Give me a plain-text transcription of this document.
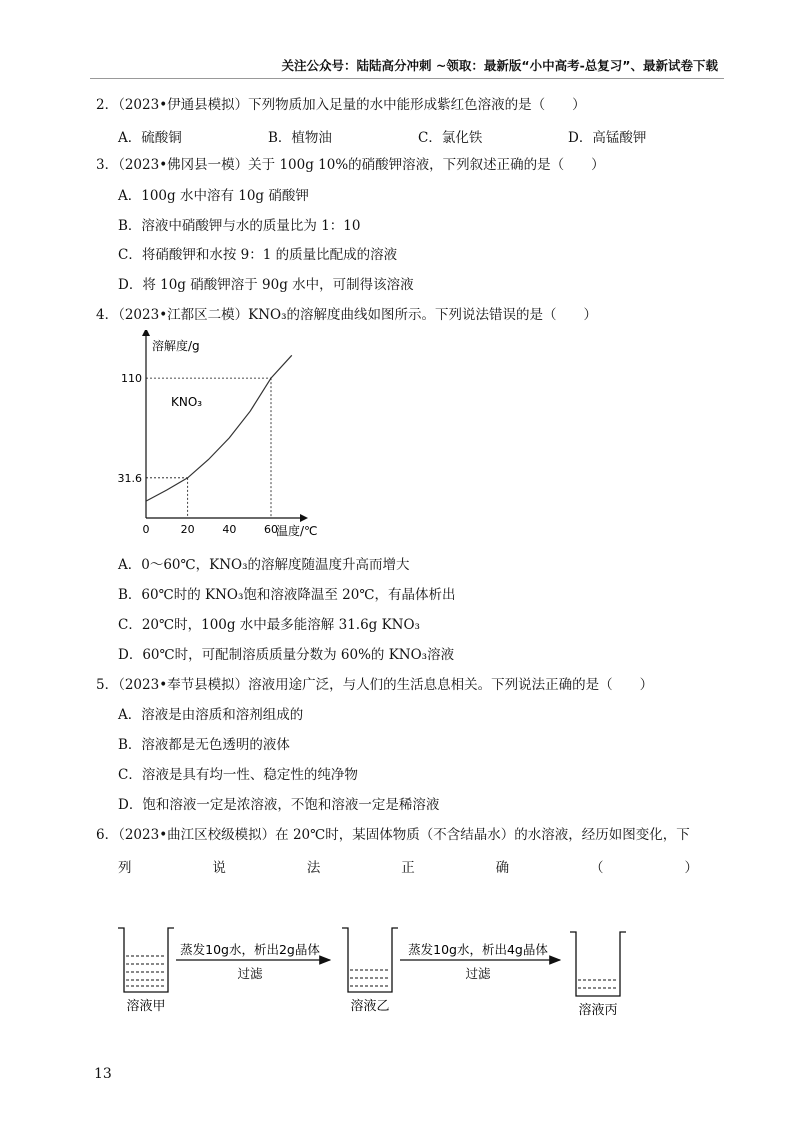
关注公众号：陆陆高分冲刺 ~领取：最新版“小中高考-总复习”、最新试卷下载
2．（2023•伊通县模拟）下列物质加入足量的水中能形成紫红色溶液的是（　　）
A．硫酸铜	B．植物油	C．氯化铁	D．高锰酸钾
3．（2023•佛冈县一模）关于 100g 10%的硝酸钾溶液，下列叙述正确的是（　　）
A．100g 水中溶有 10g 硝酸钾
B．溶液中硝酸钾与水的质量比为 1：10
C．将硝酸钾和水按 9：1 的质量比配成的溶液
D．将 10g 硝酸钾溶于 90g 水中，可制得该溶液
4．（2023•江都区二模）KNO₃的溶解度曲线如图所示。下列说法错误的是（　　）
31.6
110
0	20	40	60
溶解度/g
温度/℃
KNO₃
A．0～60℃，KNO₃的溶解度随温度升高而增大
B．60℃时的 KNO₃饱和溶液降温至 20℃，有晶体析出
C．20℃时，100g 水中最多能溶解 31.6g KNO₃
D．60℃时，可配制溶质质量分数为 60%的 KNO₃溶液
5．（2023•奉节县模拟）溶液用途广泛，与人们的生活息息相关。下列说法正确的是（　　）
A．溶液是由溶质和溶剂组成的
B．溶液都是无色透明的液体
C．溶液是具有均一性、稳定性的纯净物
D．饱和溶液一定是浓溶液，不饱和溶液一定是稀溶液
6．（2023•曲江区校级模拟）在 20℃时，某固体物质（不含结晶水）的水溶液，经历如图变化，下
列	说	法	正	确	（	）
溶液甲
蒸发10g水，析出2g晶体
过滤
溶液乙
蒸发10g水，析出4g晶体
过滤
溶液丙
13
